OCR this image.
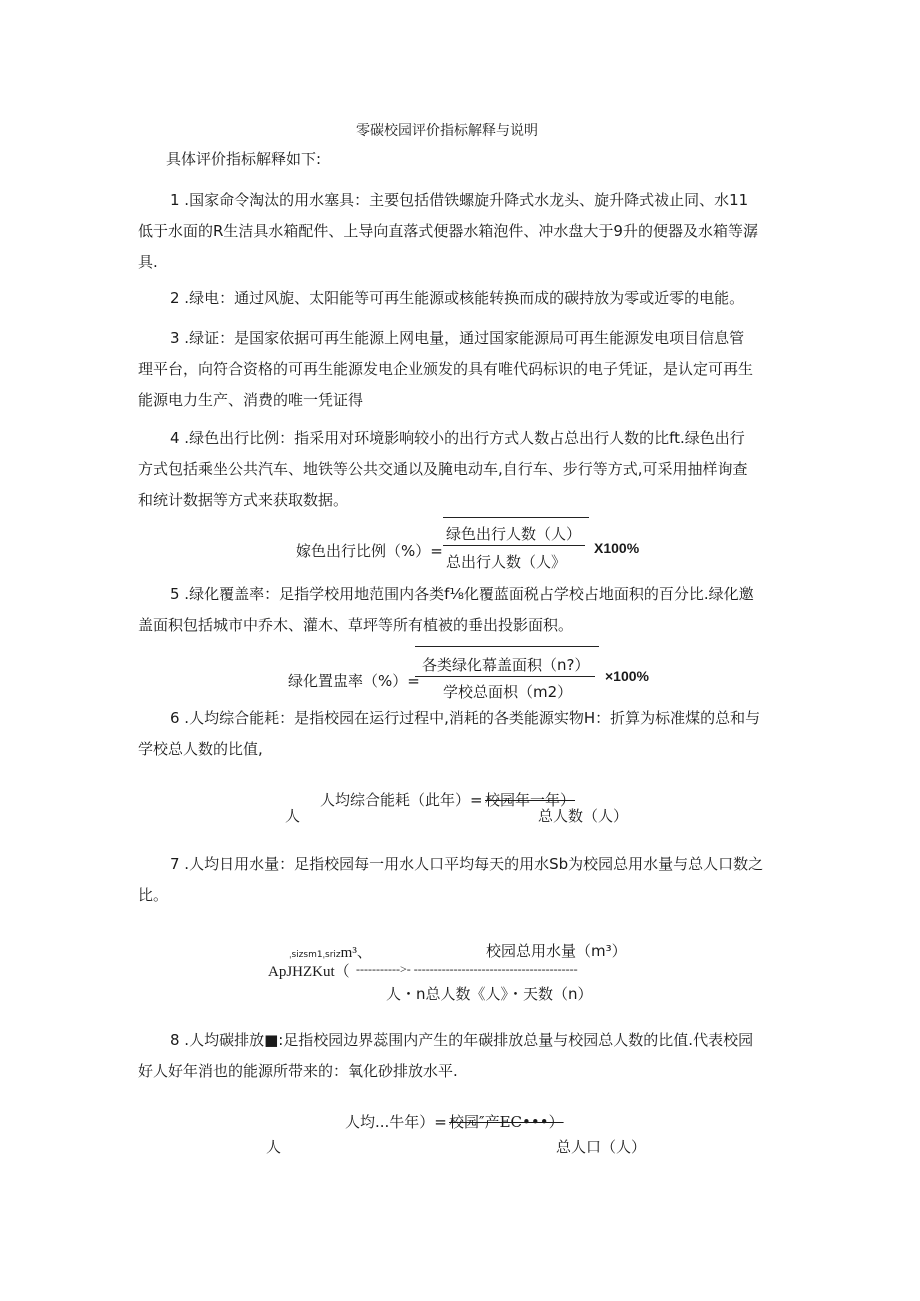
零碳校园评价指标解释与说明
具体评价指标解释如下:
1 .国家命令淘汰的用水塞具：主要包括借铁螺旋升降式水龙头、旋升降式祓止同、水11
低于水面的R生洁具水箱配件、上导向直落式便器水箱泡件、冲水盘大于9升的便器及水箱等潺
具.
2 .绿电：通过风旎、太阳能等可再生能源或核能转换而成的碳持放为零或近零的电能。
3 .绿证：是国家依据可再生能源上网电量，通过国家能源局可再生能源发电项目信息管
理平台，向符合资格的可再生能源发电企业颁发的具有唯代码标识的电子凭证，是认定可再生
能源电力生产、消费的唯一凭证得
4 .绿色出行比例：指采用对环境影响较小的出行方式人数占总出行人数的比ft.绿色出行
方式包括乘坐公共汽车、地铁等公共交通以及腌电动车,自行车、步行等方式,可采用抽样询查
和统计数据等方式来获取数据。
绿色出行人数（人）
嫁色出行比例（%）=
总出行人数（人》
X100%
5 .绿化覆盖率：足指学校用地范围内各类f⅛化覆蓝面税占学校占地面积的百分比.绿化邀
盖面积包括城市中乔木、灌木、草坪等所有植被的垂出投影面积。
各类绿化幕盖面积（n?）
绿化置盅率（%）=
学校总面枳（m2）
×100%
6 .人均综合能耗：是指校园在运行过程中,消耗的各类能源实物H：折算为标准煤的总和与
学校总人数的比值,
人均综合能耗（此年）= 校园年一年）
人	总人数（人）
7 .人均日用水量：足指校园每一用水人口平均每天的用水Sb为校园总用水量与总人口数之
比。
ˌsizsm1ˌsrizm³、	校园总用水量（m³）
ApJHZKut（ ----------->- -----------------------------------------
人・n总人数《人》・天数（n）
8 .人均碳排放■:足指校园边界蕊围内产生的年碳排放总量与校园总人数的比值.代表校园
好人好年消也的能源所带来的：氧化砂排放水平.
人均...牛年）= 校园″产EC•••）
人	总人口（人）
